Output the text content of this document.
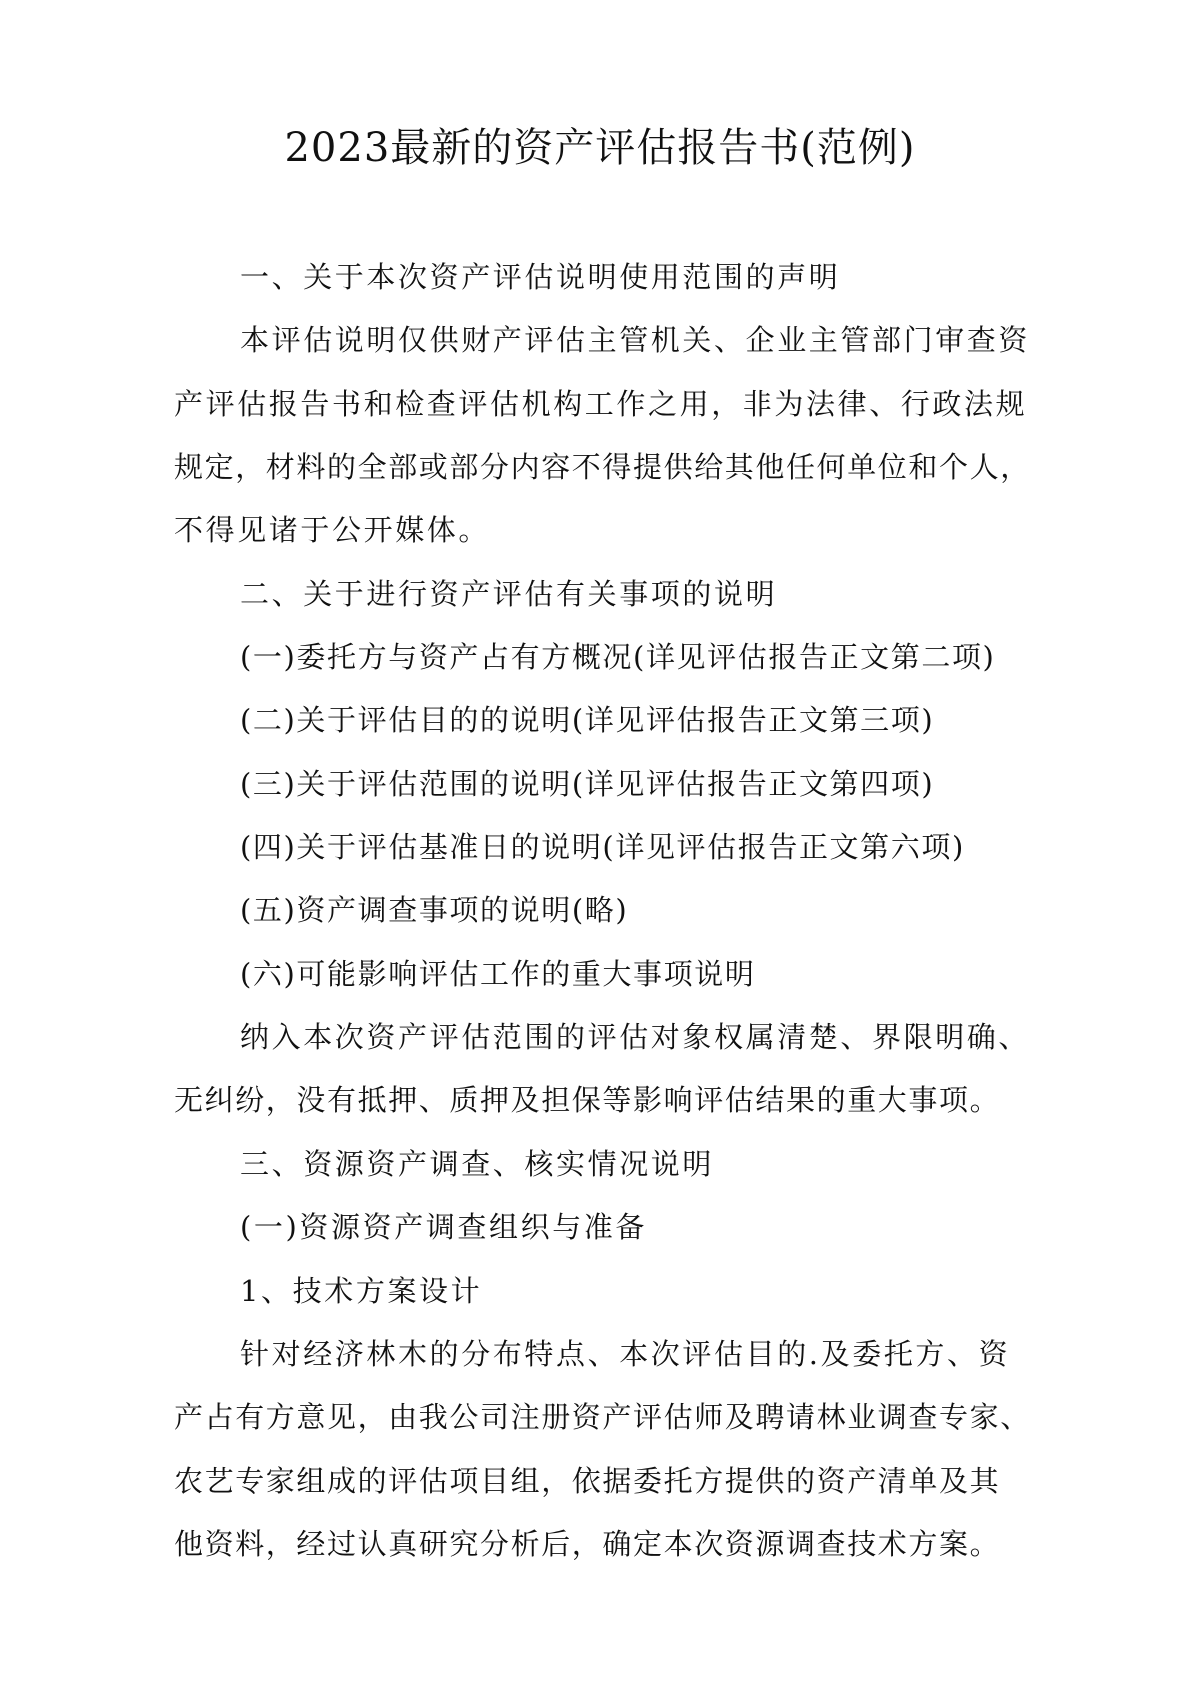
2023最新的资产评估报告书(范例)

一、关于本次资产评估说明使用范围的声明

本评估说明仅供财产评估主管机关、企业主管部门审查资

产评估报告书和检查评估机构工作之用，非为法律、行政法规

规定，材料的全部或部分内容不得提供给其他任何单位和个人，

不得见诸于公开媒体。

二、关于进行资产评估有关事项的说明

(一)委托方与资产占有方概况(详见评估报告正文第二项)

(二)关于评估目的的说明(详见评估报告正文第三项)

(三)关于评估范围的说明(详见评估报告正文第四项)

(四)关于评估基准日的说明(详见评估报告正文第六项)

(五)资产调查事项的说明(略)

(六)可能影响评估工作的重大事项说明

纳入本次资产评估范围的评估对象权属清楚、界限明确、

无纠纷，没有抵押、质押及担保等影响评估结果的重大事项。

三、资源资产调查、核实情况说明

(一)资源资产调查组织与准备

1、技术方案设计

针对经济林木的分布特点、本次评估目的.及委托方、资

产占有方意见，由我公司注册资产评估师及聘请林业调查专家、

农艺专家组成的评估项目组，依据委托方提供的资产清单及其

他资料，经过认真研究分析后，确定本次资源调查技术方案。
